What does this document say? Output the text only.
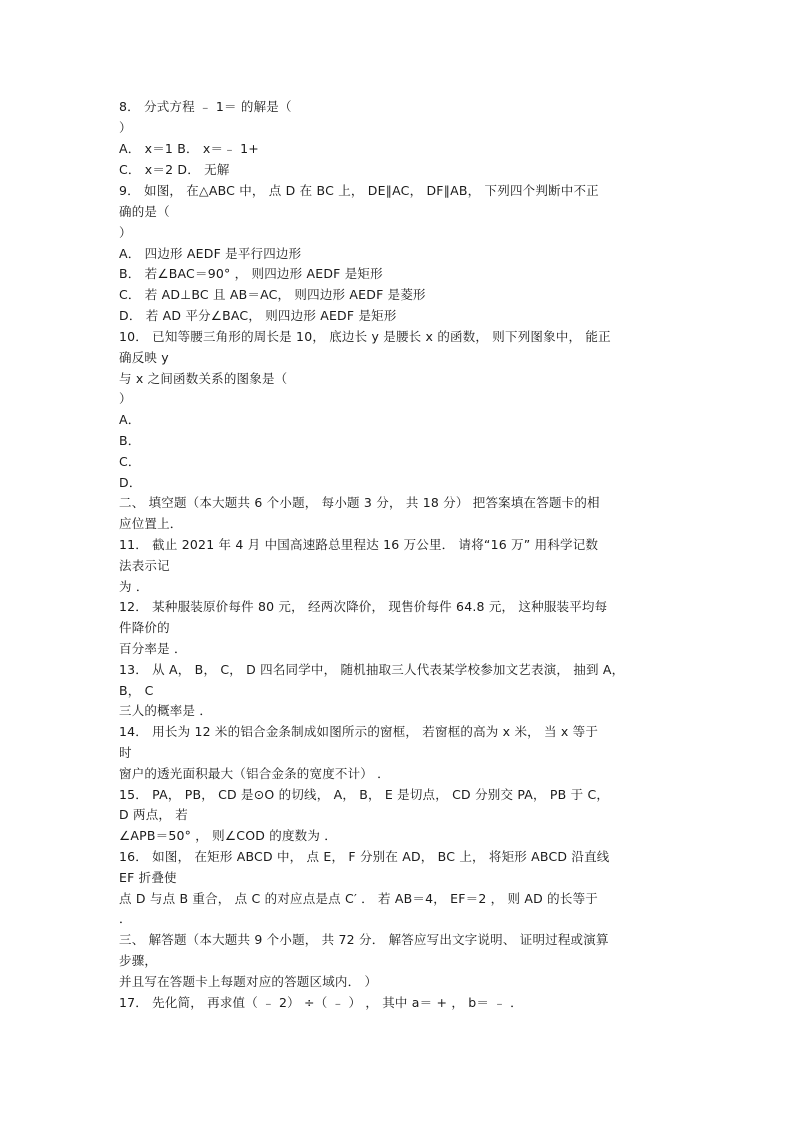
8． 分式方程 ﹣ 1＝ 的解是（
）
A． x＝1 B． x＝﹣ 1+
C． x＝2 D． 无解
9． 如图， 在△ABC 中， 点 D 在 BC 上， DE∥AC， DF∥AB， 下列四个判断中不正
确的是（
）
A． 四边形 AEDF 是平行四边形
B． 若∠BAC＝90° ， 则四边形 AEDF 是矩形
C． 若 AD⊥BC 且 AB＝AC， 则四边形 AEDF 是菱形
D． 若 AD 平分∠BAC， 则四边形 AEDF 是矩形
10． 已知等腰三角形的周长是 10， 底边长 y 是腰长 x 的函数， 则下列图象中， 能正
确反映 y
与 x 之间函数关系的图象是（
）
A．
B．
C．
D．
二、 填空题（本大题共 6 个小题， 每小题 3 分， 共 18 分） 把答案填在答题卡的相
应位置上．
11． 截止 2021 年 4 月 中国高速路总里程达 16 万公里． 请将“16 万” 用科学记数
法表示记
为 ．
12． 某种服装原价每件 80 元， 经两次降价， 现售价每件 64.8 元， 这种服装平均每
件降价的
百分率是 ．
13． 从 A， B， C， D 四名同学中， 随机抽取三人代表某学校参加文艺表演， 抽到 A，
B， C
三人的概率是 ．
14． 用长为 12 米的铝合金条制成如图所示的窗框， 若窗框的高为 x 米， 当 x 等于
时
窗户的透光面积最大（铝合金条的宽度不计） ．
15． PA， PB， CD 是⊙O 的切线， A， B， E 是切点， CD 分别交 PA， PB 于 C，
D 两点， 若
∠APB＝50° ， 则∠COD 的度数为 ．
16． 如图， 在矩形 ABCD 中， 点 E， F 分别在 AD， BC 上， 将矩形 ABCD 沿直线
EF 折叠使
点 D 与点 B 重合， 点 C 的对应点是点 C′ ． 若 AB＝4， EF＝2 ， 则 AD 的长等于
．
三、 解答题（本大题共 9 个小题， 共 72 分． 解答应写出文字说明、 证明过程或演算
步骤，
并且写在答题卡上每题对应的答题区域内． ）
17． 先化简， 再求值（ ﹣ 2） ÷（ ﹣ ） ， 其中 a＝ + ， b＝ ﹣ ．
